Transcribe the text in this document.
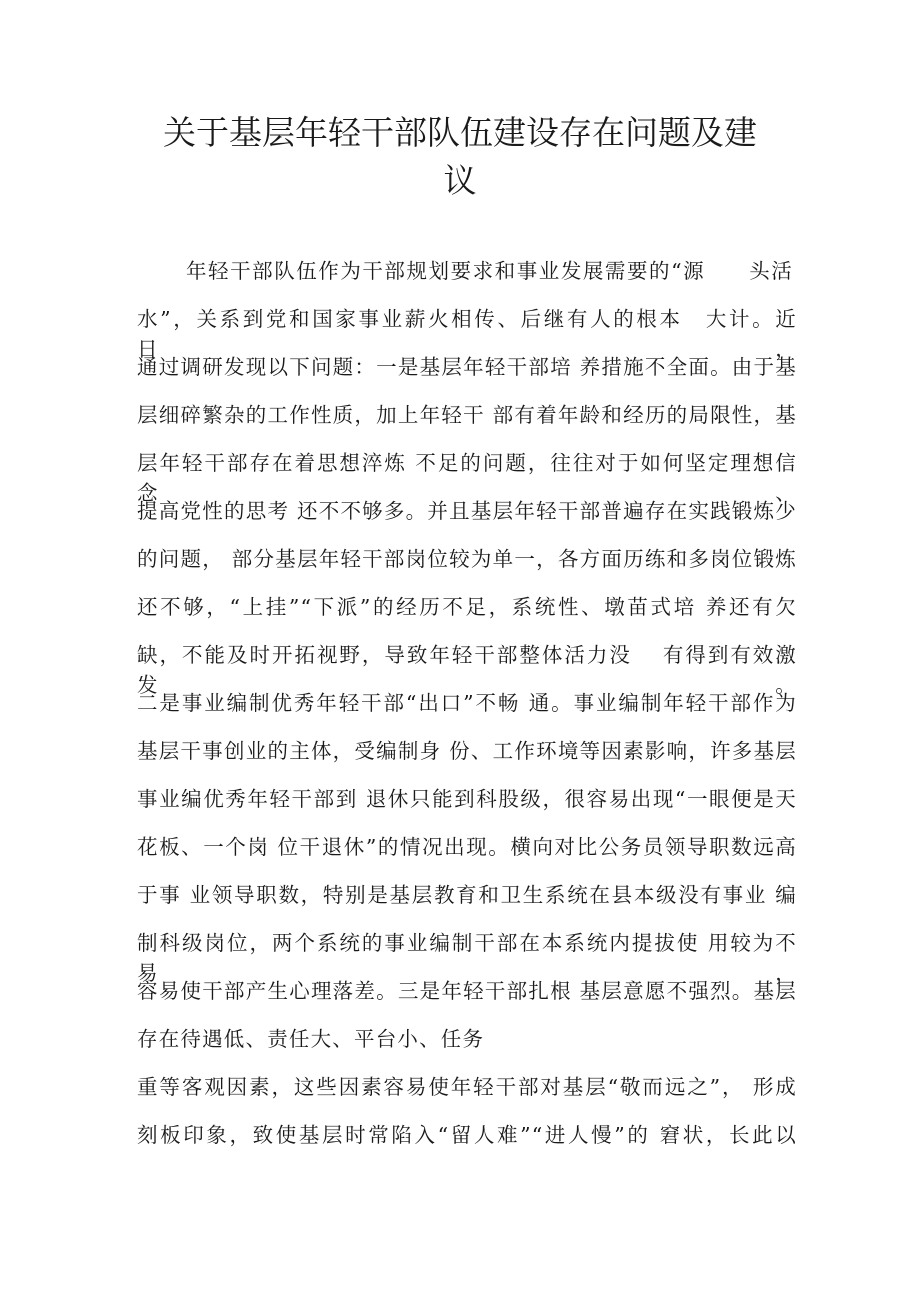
关于基层年轻干部队伍建设存在问题及建
议
年轻干部队伍作为干部规划要求和事业发展需要的“源　　头活
水”，关系到党和国家事业薪火相传、后继有人的根本　大计。近日，
通过调研发现以下问题：一是基层年轻干部培 养措施不全面。由于基
层细碎繁杂的工作性质，加上年轻干 部有着年龄和经历的局限性，基
层年轻干部存在着思想淬炼 不足的问题，往往对于如何坚定理想信念、
提高党性的思考 还不不够多。并且基层年轻干部普遍存在实践锻炼少
的问题， 部分基层年轻干部岗位较为单一，各方面历练和多岗位锻炼
还不够，“上挂”“下派”的经历不足，系统性、墩苗式培 养还有欠
缺，不能及时开拓视野，导致年轻干部整体活力没　 有得到有效激发。
二是事业编制优秀年轻干部“出口”不畅 通。事业编制年轻干部作为
基层干事创业的主体，受编制身 份、工作环境等因素影响，许多基层
事业编优秀年轻干部到 退休只能到科股级，很容易出现“一眼便是天
花板、一个岗 位干退休”的情况出现。横向对比公务员领导职数远高
于事 业领导职数，特别是基层教育和卫生系统在县本级没有事业 编
制科级岗位，两个系统的事业编制干部在本系统内提拔使 用较为不易，
容易使干部产生心理落差。三是年轻干部扎根 基层意愿不强烈。基层
存在待遇低、责任大、平台小、任务
重等客观因素，这些因素容易使年轻干部对基层“敬而远之”， 形成
刻板印象，致使基层时常陷入“留人难”“进人慢”的 窘状，长此以
